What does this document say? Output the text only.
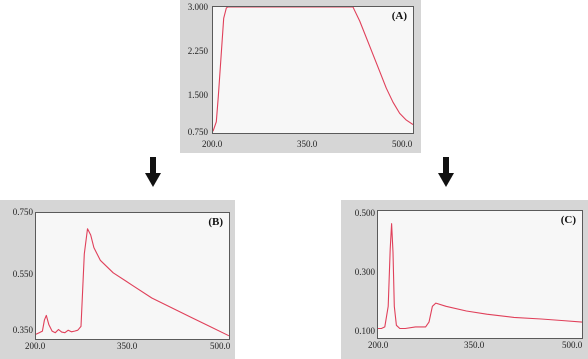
(A)
3.000
2.250
1.500
0.750
200.0	350.0	500.0
(B)
0.750
0.550
0.350
200.0	350.0	500.0
(C)
0.500
0.300
0.100
200.0	350.0	500.0
